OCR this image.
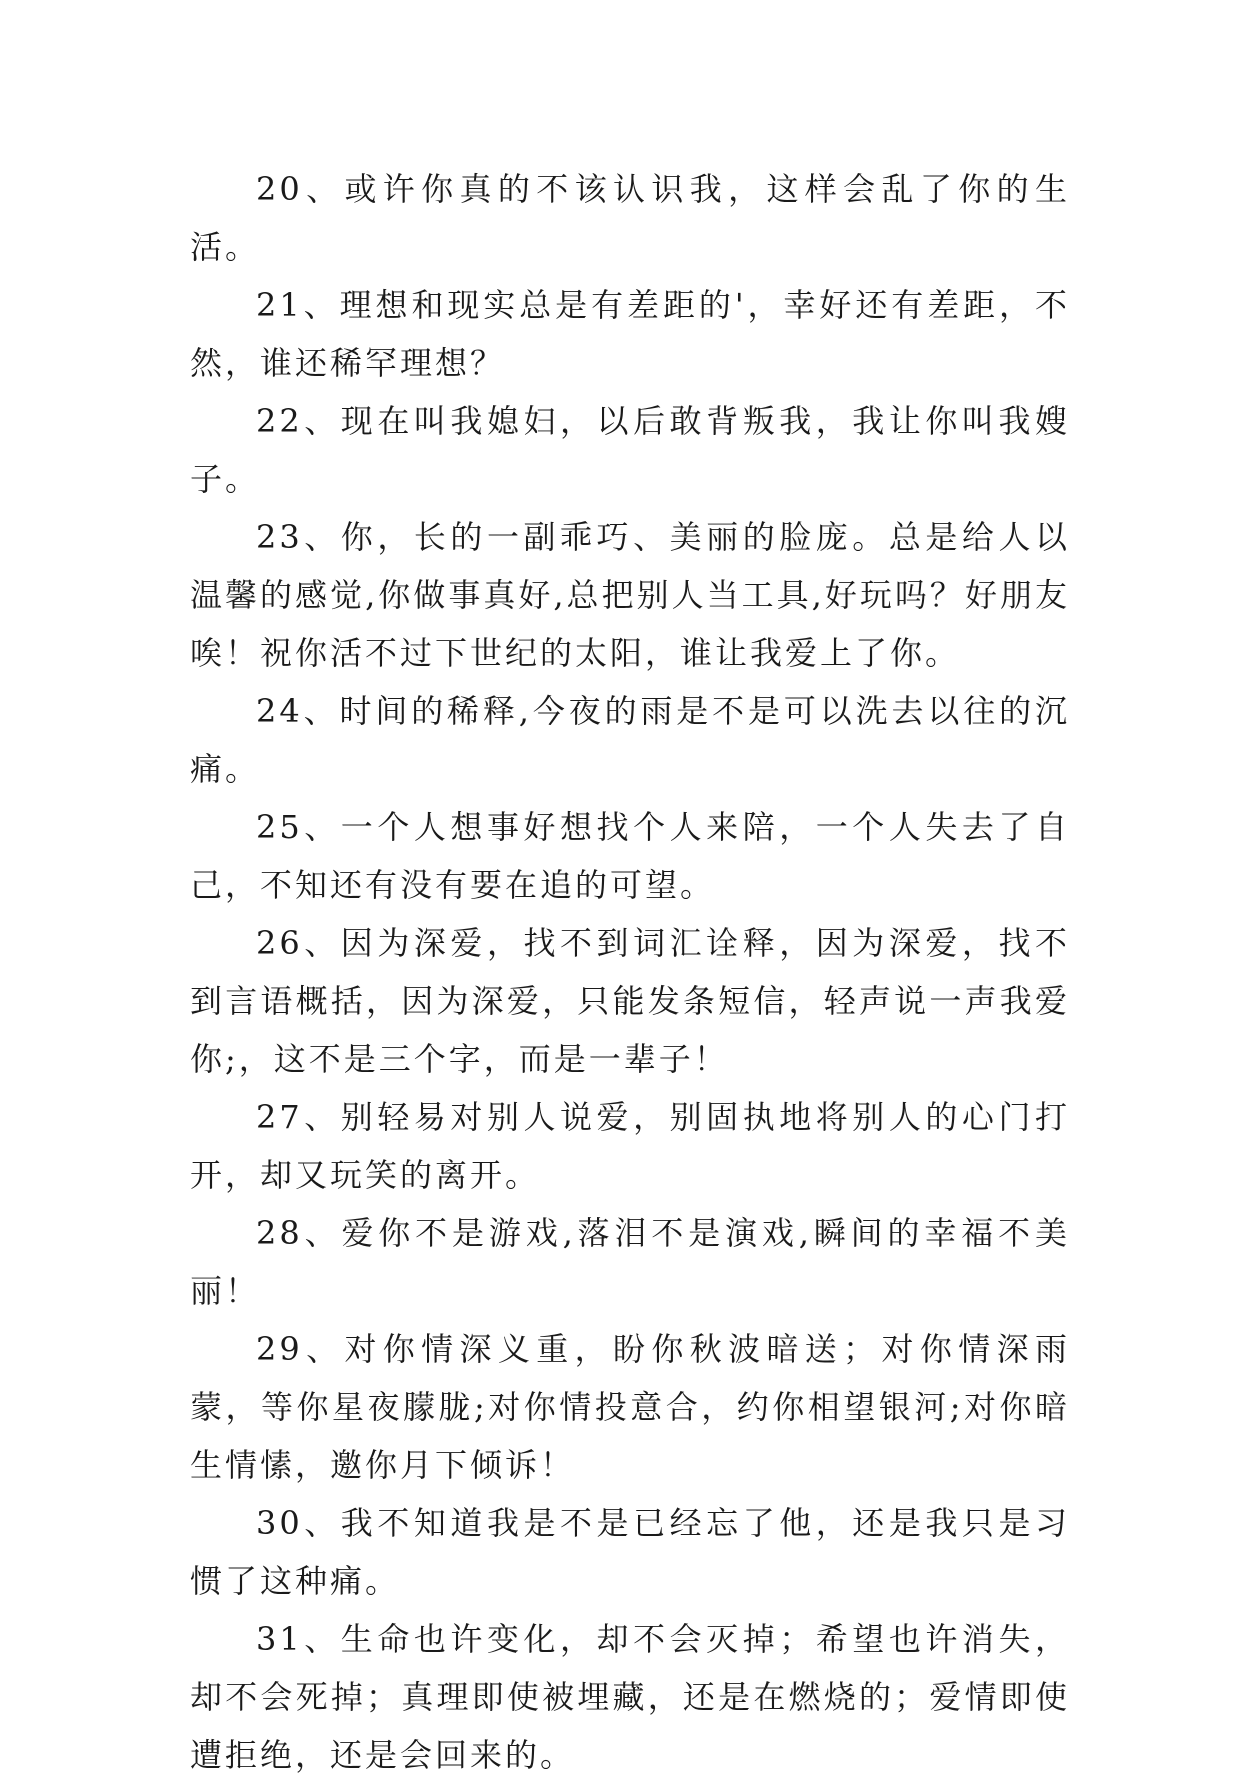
20、或许你真的不该认识我，这样会乱了你的生活。

21、理想和现实总是有差距的'，幸好还有差距，不然，谁还稀罕理想？

22、现在叫我媳妇，以后敢背叛我，我让你叫我嫂子。

23、你，长的一副乖巧、美丽的脸庞。总是给人以温馨的感觉,你做事真好,总把别人当工具,好玩吗？好朋友唉！祝你活不过下世纪的太阳，谁让我爱上了你。

24、时间的稀释,今夜的雨是不是可以洗去以往的沉痛。

25、一个人想事好想找个人来陪，一个人失去了自己，不知还有没有要在追的可望。

26、因为深爱，找不到词汇诠释，因为深爱，找不到言语概括，因为深爱，只能发条短信，轻声说一声我爱你;，这不是三个字，而是一辈子！

27、别轻易对别人说爱，别固执地将别人的心门打开，却又玩笑的离开。

28、爱你不是游戏,落泪不是演戏,瞬间的幸福不美丽！

29、对你情深义重，盼你秋波暗送；对你情深雨蒙，等你星夜朦胧;对你情投意合，约你相望银河;对你暗生情愫，邀你月下倾诉！

30、我不知道我是不是已经忘了他，还是我只是习惯了这种痛。

31、生命也许变化，却不会灭掉；希望也许消失，却不会死掉；真理即使被埋藏，还是在燃烧的；爱情即使遭拒绝，还是会回来的。
